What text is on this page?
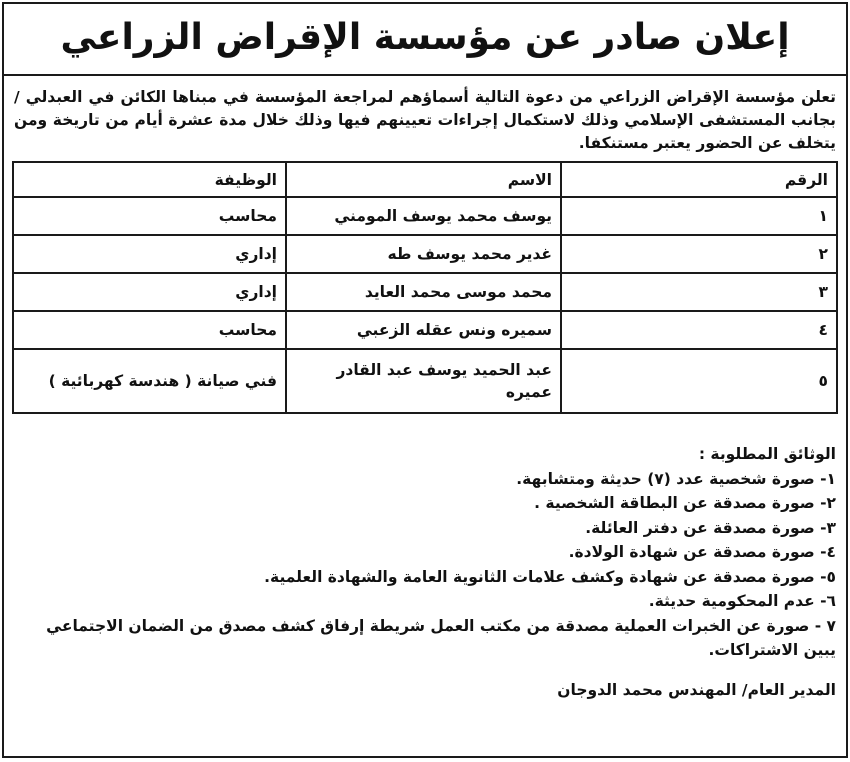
إعلان صادر عن مؤسسة الإقراض الزراعي
تعلن مؤسسة الإقراض الزراعي من دعوة التالية أسماؤهم لمراجعة المؤسسة في مبناها الكائن في العبدلي / بجانب المستشفى الإسلامي وذلك لاستكمال إجراءات تعيينهم فيها وذلك خلال مدة عشرة أيام من تاريخة ومن يتخلف عن الحضور يعتبر مستنكفا.
الرقم	الاسم	الوظيفة
١	يوسف محمد يوسف المومني	محاسب
٢	غدير محمد يوسف طه	إداري
٣	محمد موسى محمد العايد	إداري
٤	سميره ونس عقله الزعبي	محاسب
٥	عبد الحميد يوسف عبد القادر عميره	فني صيانة ( هندسة كهربائية )
الوثائق المطلوبة :
١- صورة شخصية عدد (٧) حديثة ومتشابهة.
٢- صورة مصدقة عن البطاقة الشخصية .
٣- صورة مصدقة عن دفتر العائلة.
٤- صورة مصدقة عن شهادة الولادة.
٥- صورة مصدقة عن شهادة وكشف علامات الثانوية العامة والشهادة العلمية.
٦- عدم المحكومية حديثة.
٧ - صورة عن الخبرات العملية مصدقة من مكتب العمل شريطة إرفاق كشف مصدق من الضمان الاجتماعي يبين الاشتراكات.
المدير العام/ المهندس محمد الدوجان
